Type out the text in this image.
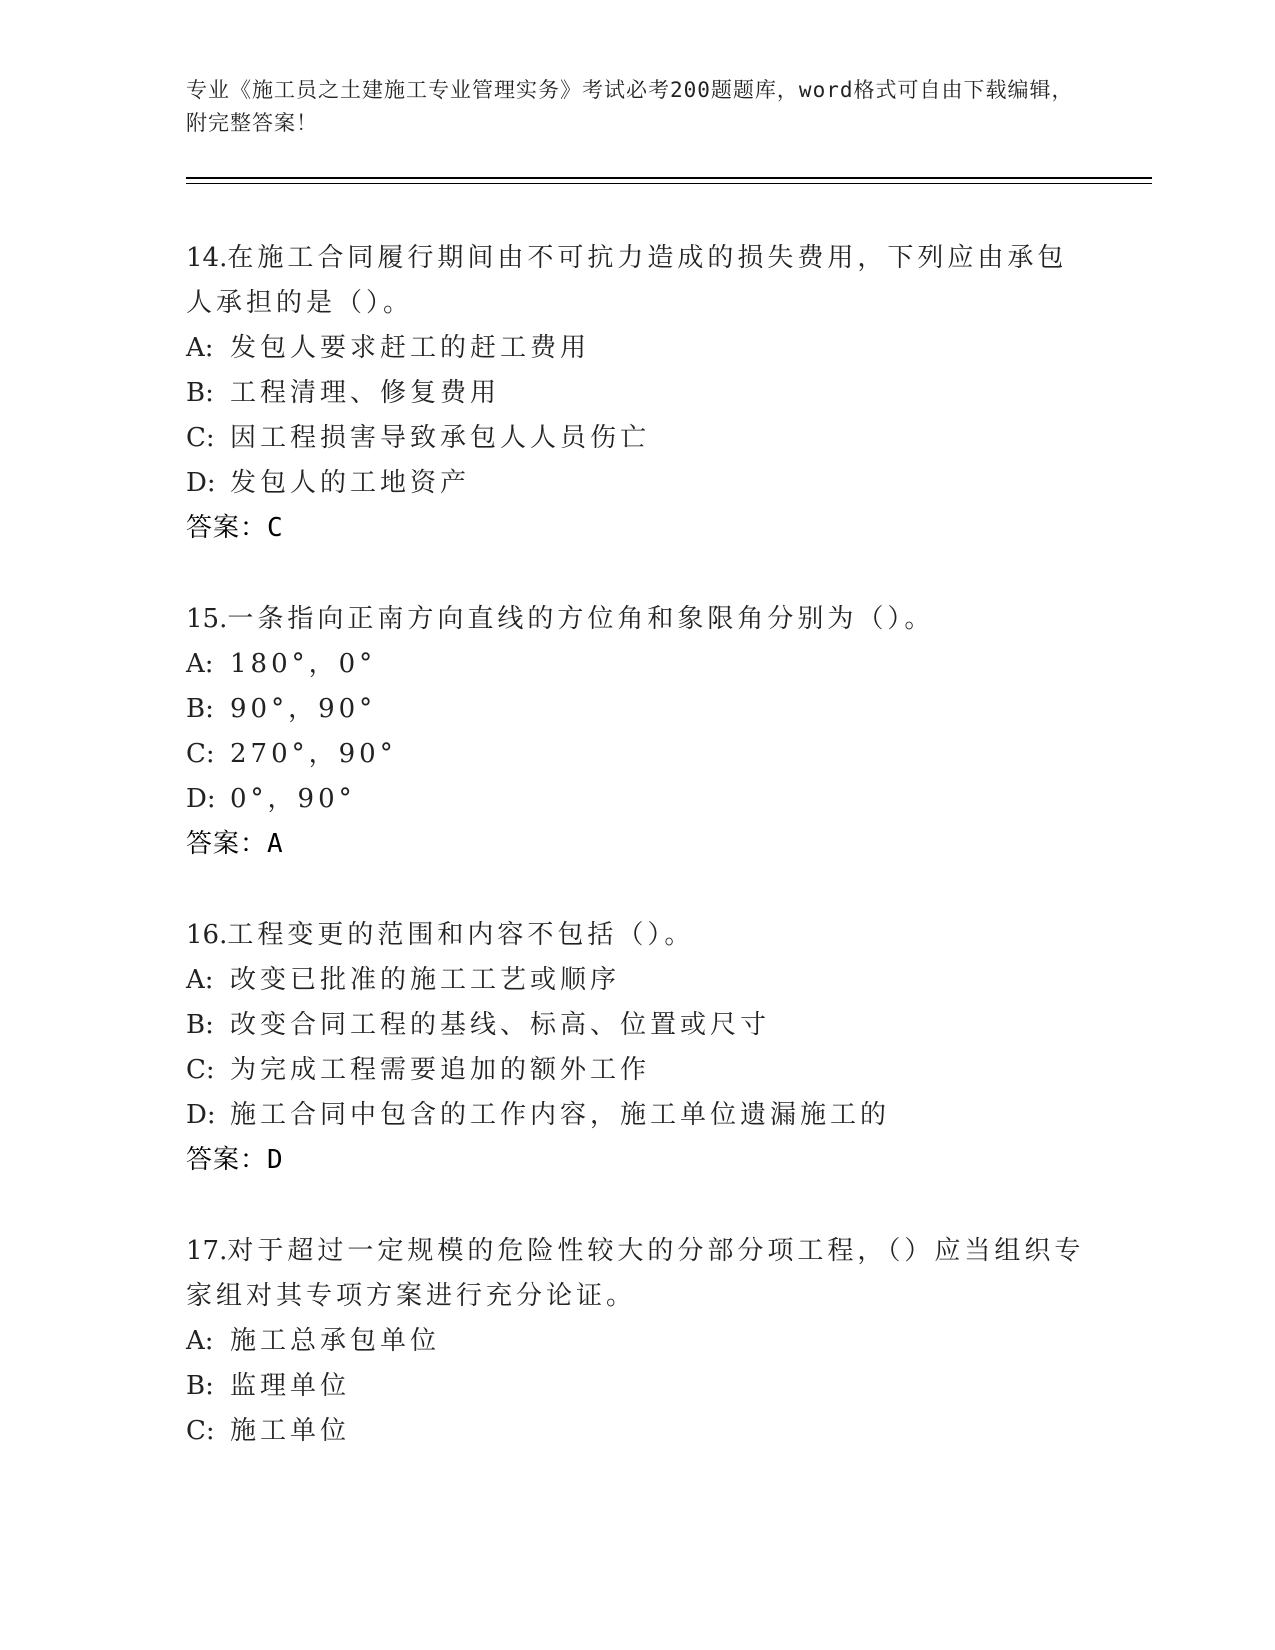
专业《施工员之土建施工专业管理实务》考试必考200题题库，word格式可自由下载编辑，附完整答案！

14.在施工合同履行期间由不可抗力造成的损失费用，下列应由承包人承担的是（）。

A: 发包人要求赶工的赶工费用
B: 工程清理、修复费用
C: 因工程损害导致承包人人员伤亡
D: 发包人的工地资产
答案：C

15.一条指向正南方向直线的方位角和象限角分别为（）。

A: 180°，0°
B: 90°，90°
C: 270°，90°
D: 0°，90°
答案：A

16.工程变更的范围和内容不包括（）。

A: 改变已批准的施工工艺或顺序
B: 改变合同工程的基线、标高、位置或尺寸
C: 为完成工程需要追加的额外工作
D: 施工合同中包含的工作内容，施工单位遗漏施工的
答案：D

17.对于超过一定规模的危险性较大的分部分项工程，（）应当组织专家组对其专项方案进行充分论证。

A: 施工总承包单位
B: 监理单位
C: 施工单位
